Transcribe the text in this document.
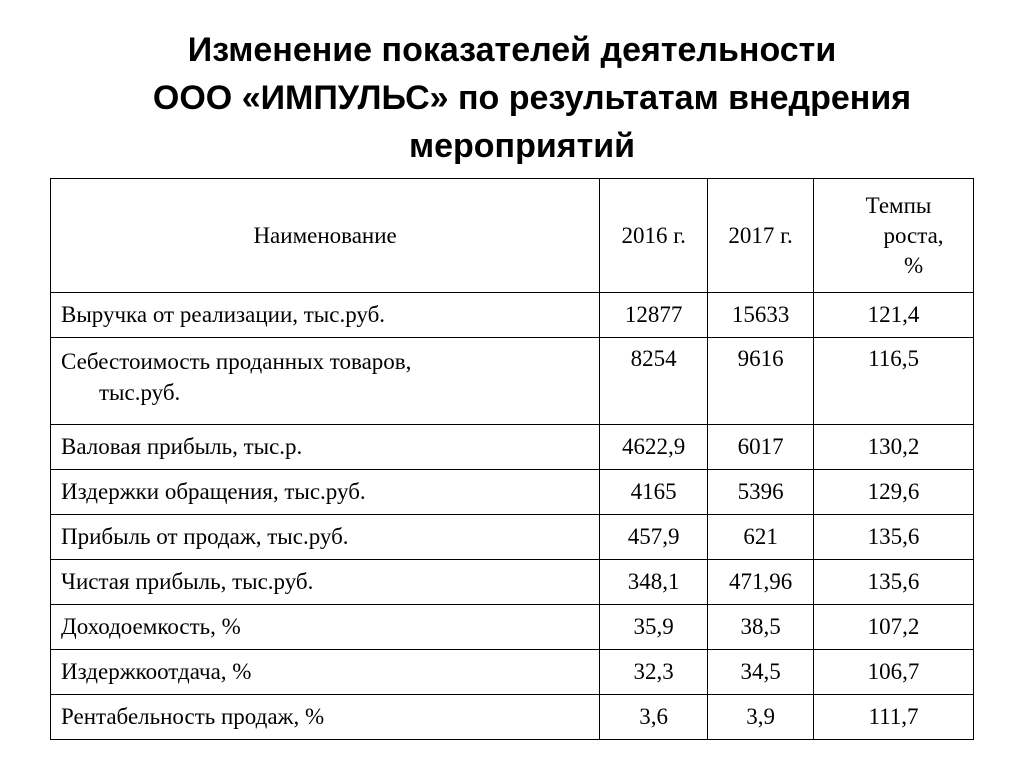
Изменение показателей деятельности
ООО «ИМПУЛЬС» по результатам внедрения
мероприятий
Наименование	2016 г.	2017 г.	Темпы
роста,
%

Выручка от реализации, тыс.руб.	12877	15633	121,4

Себестоимость проданных товаров,
тыс.руб.	8254	9616	116,5
Валовая прибыль, тыс.р.	4622,9	6017	130,2
Издержки обращения, тыс.руб.	4165	5396	129,6
Прибыль от продаж, тыс.руб.	457,9	621	135,6
Чистая прибыль, тыс.руб.	348,1	471,96	135,6
Доходоемкость, %	35,9	38,5	107,2
Издержкоотдача, %	32,3	34,5	106,7
Рентабельность продаж, %	3,6	3,9	111,7
